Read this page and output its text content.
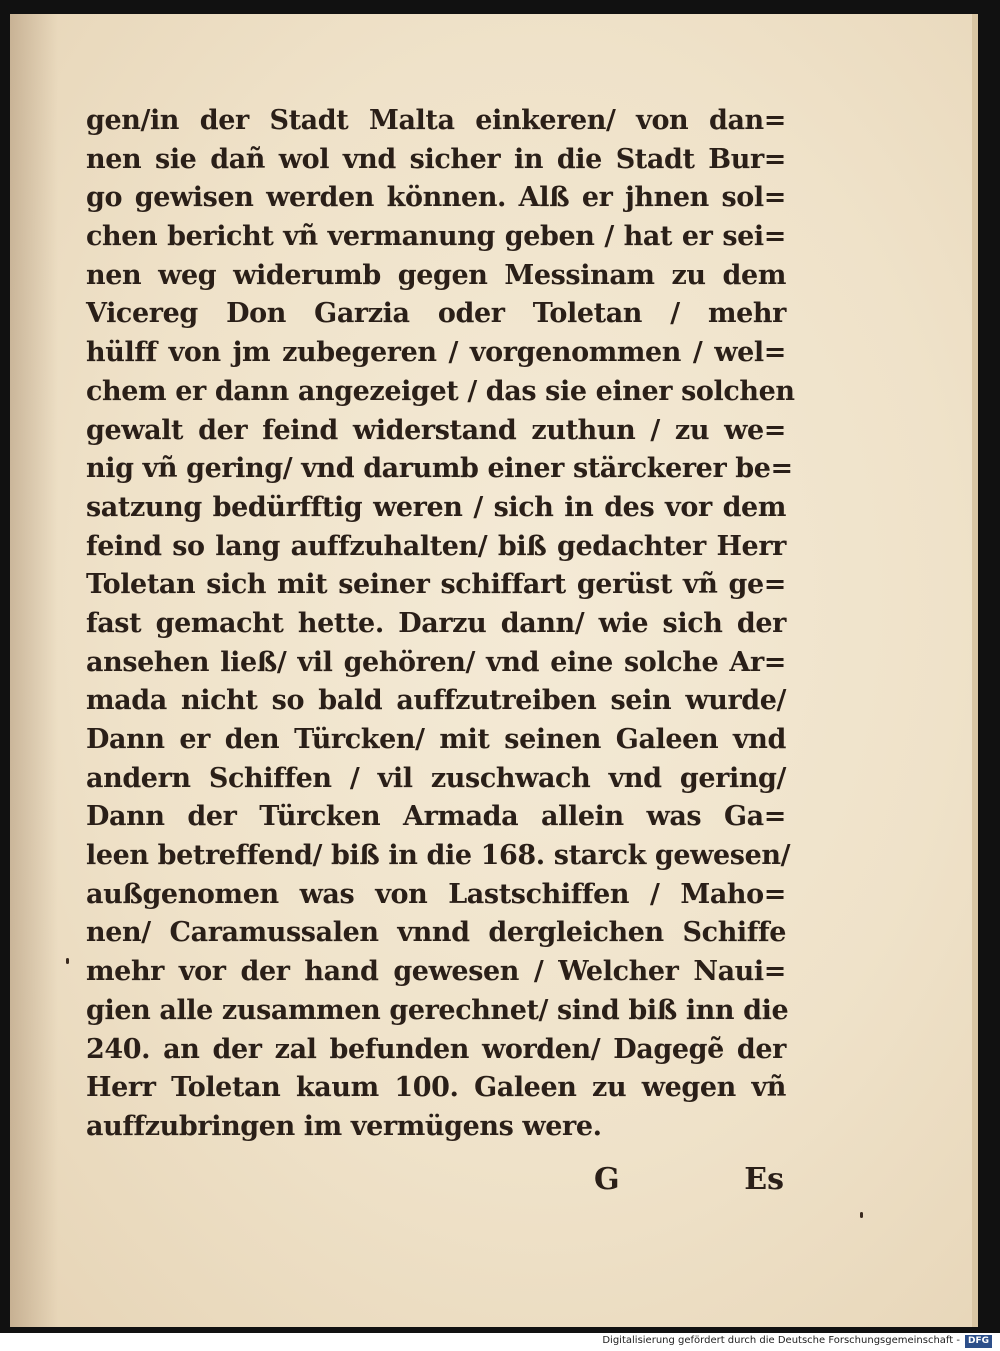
gen/in der Stadt Malta einkeren/ von dan=
nen sie dañ wol vnd sicher in die Stadt Bur=
go gewisen werden können. Alß er jhnen sol=
chen bericht vñ vermanung geben / hat er sei=
nen weg widerumb gegen Messinam zu dem
Vicereg Don Garzia oder Toletan / mehr
hülff von jm zubegeren / vorgenommen / wel=
chem er dann angezeiget / das sie einer solchen
gewalt der feind widerstand zuthun / zu we=
nig vñ gering/ vnd darumb einer stärckerer be=
satzung bedürfftig weren / sich in des vor dem
feind so lang auffzuhalten/ biß gedachter Herr
Toletan sich mit seiner schiffart gerüst vñ ge=
fast gemacht hette. Darzu dann/ wie sich der
ansehen ließ/ vil gehören/ vnd eine solche Ar=
mada nicht so bald auffzutreiben sein wurde/
Dann er den Türcken/ mit seinen Galeen vnd
andern Schiffen / vil zuschwach vnd gering/
Dann der Türcken Armada allein was Ga=
leen betreffend/ biß in die 168. starck gewesen/
außgenomen was von Lastschiffen / Maho=
nen/ Caramussalen vnnd dergleichen Schiffe
mehr vor der hand gewesen / Welcher Naui=
gien alle zusammen gerechnet/ sind biß inn die
240. an der zal befunden worden/ Dagegẽ der
Herr Toletan kaum 100. Galeen zu wegen vñ
auffzubringen im vermügens were.
G	Es
Digitalisierung gefördert durch die Deutsche Forschungsgemeinschaft - DFG
